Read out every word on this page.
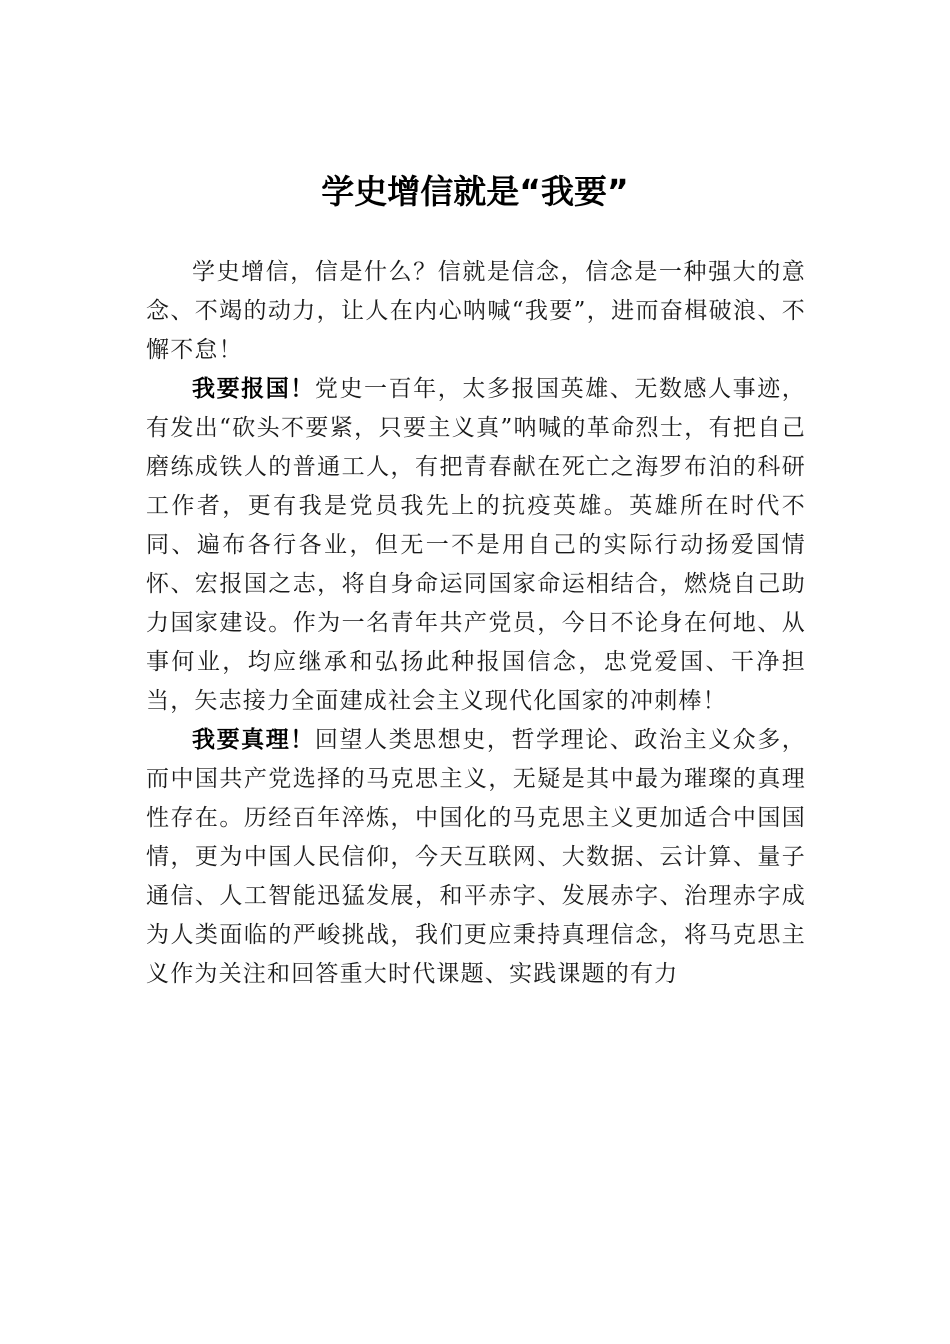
学史增信就是“我要”

学史增信，信是什么？信就是信念，信念是一种强大的意念、不竭的动力，让人在内心呐喊“我要”，进而奋楫破浪、不懈不怠！

我要报国！党史一百年，太多报国英雄、无数感人事迹，有发出“砍头不要紧，只要主义真”呐喊的革命烈士，有把自己磨练成铁人的普通工人，有把青春献在死亡之海罗布泊的科研工作者，更有我是党员我先上的抗疫英雄。英雄所在时代不同、遍布各行各业，但无一不是用自己的实际行动扬爱国情怀、宏报国之志，将自身命运同国家命运相结合，燃烧自己助力国家建设。作为一名青年共产党员，今日不论身在何地、从事何业，均应继承和弘扬此种报国信念，忠党爱国、干净担当，矢志接力全面建成社会主义现代化国家的冲刺棒！

我要真理！回望人类思想史，哲学理论、政治主义众多，而中国共产党选择的马克思主义，无疑是其中最为璀璨的真理性存在。历经百年淬炼，中国化的马克思主义更加适合中国国情，更为中国人民信仰，今天互联网、大数据、云计算、量子通信、人工智能迅猛发展，和平赤字、发展赤字、治理赤字成为人类面临的严峻挑战，我们更应秉持真理信念，将马克思主义作为关注和回答重大时代课题、实践课题的有力
